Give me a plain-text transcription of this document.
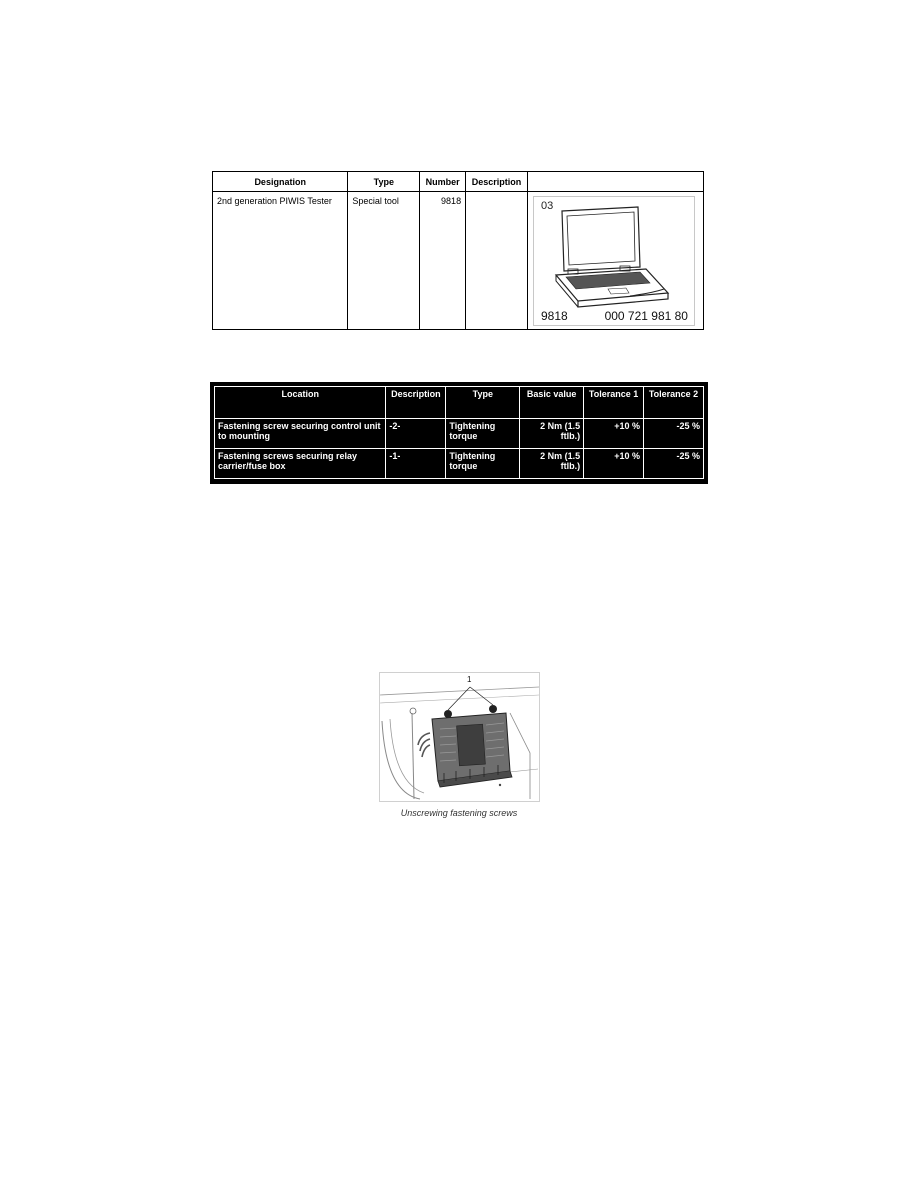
Designation	Type	Number	Description	
2nd generation PIWIS Tester	Special tool	9818		03
9818 000 721 981 80
Location	Description	Type	Basic value	Tolerance 1	Tolerance 2
Fastening screw securing control unit to mounting	-2-	Tightening torque	2 Nm (1.5 ftlb.)	+10 %	-25 %
Fastening screws securing relay carrier/fuse box	-1-	Tightening torque	2 Nm (1.5 ftlb.)	+10 %	-25 %
1
Unscrewing fastening screws
